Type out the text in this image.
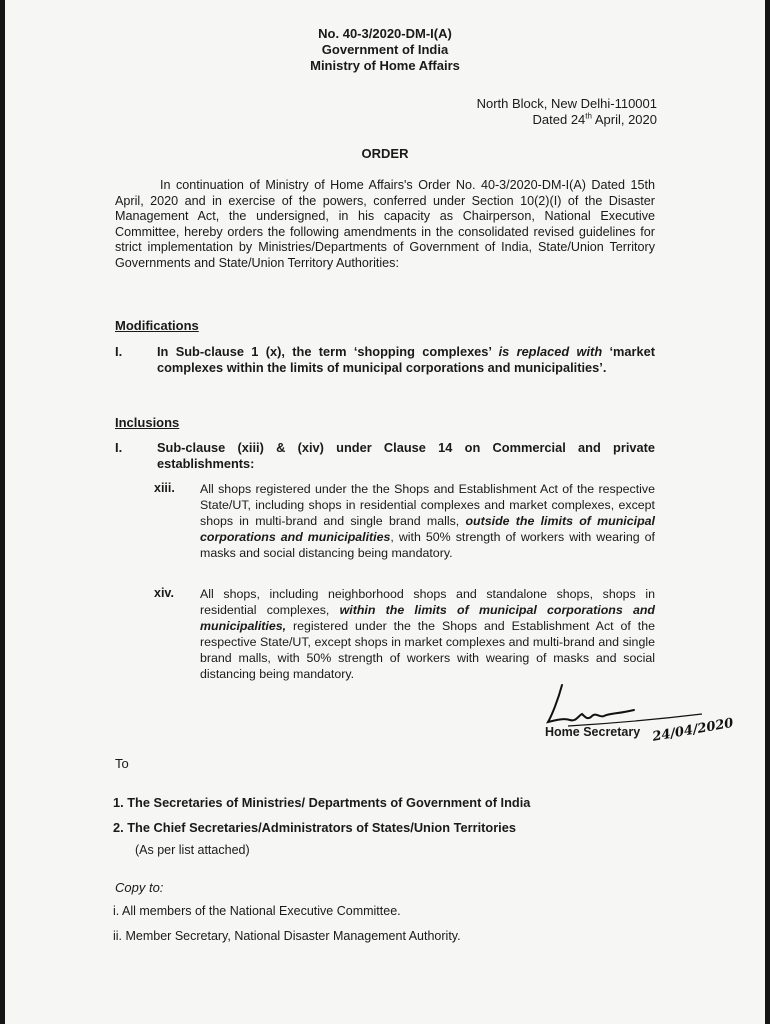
No. 40-3/2020-DM-I(A)
Government of India
Ministry of Home Affairs
North Block, New Delhi-110001
Dated 24th April, 2020
ORDER
In continuation of Ministry of Home Affairs's Order No. 40-3/2020-DM-I(A) Dated 15th April, 2020 and in exercise of the powers, conferred under Section 10(2)(I) of the Disaster Management Act, the undersigned, in his capacity as Chairperson, National Executive Committee, hereby orders the following amendments in the consolidated revised guidelines for strict implementation by Ministries/Departments of Government of India, State/Union Territory Governments and State/Union Territory Authorities:
Modifications
I.	In Sub-clause 1 (x), the term ‘shopping complexes’ is replaced with ‘market complexes within the limits of municipal corporations and municipalities’.
Inclusions
I.	Sub-clause (xiii) & (xiv) under Clause 14 on Commercial and private establishments:
xiii. All shops registered under the the Shops and Establishment Act of the respective State/UT, including shops in residential complexes and market complexes, except shops in multi-brand and single brand malls, outside the limits of municipal corporations and municipalities, with 50% strength of workers with wearing of masks and social distancing being mandatory.
xiv. All shops, including neighborhood shops and standalone shops, shops in residential complexes, within the limits of municipal corporations and municipalities, registered under the the Shops and Establishment Act of the respective State/UT, except shops in market complexes and multi-brand and single brand malls, with 50% strength of workers with wearing of masks and social distancing being mandatory.
24/04/2020
Home Secretary
To
1. The Secretaries of Ministries/ Departments of Government of India
2. The Chief Secretaries/Administrators of States/Union Territories
(As per list attached)
Copy to:
i. All members of the National Executive Committee.
ii. Member Secretary, National Disaster Management Authority.
